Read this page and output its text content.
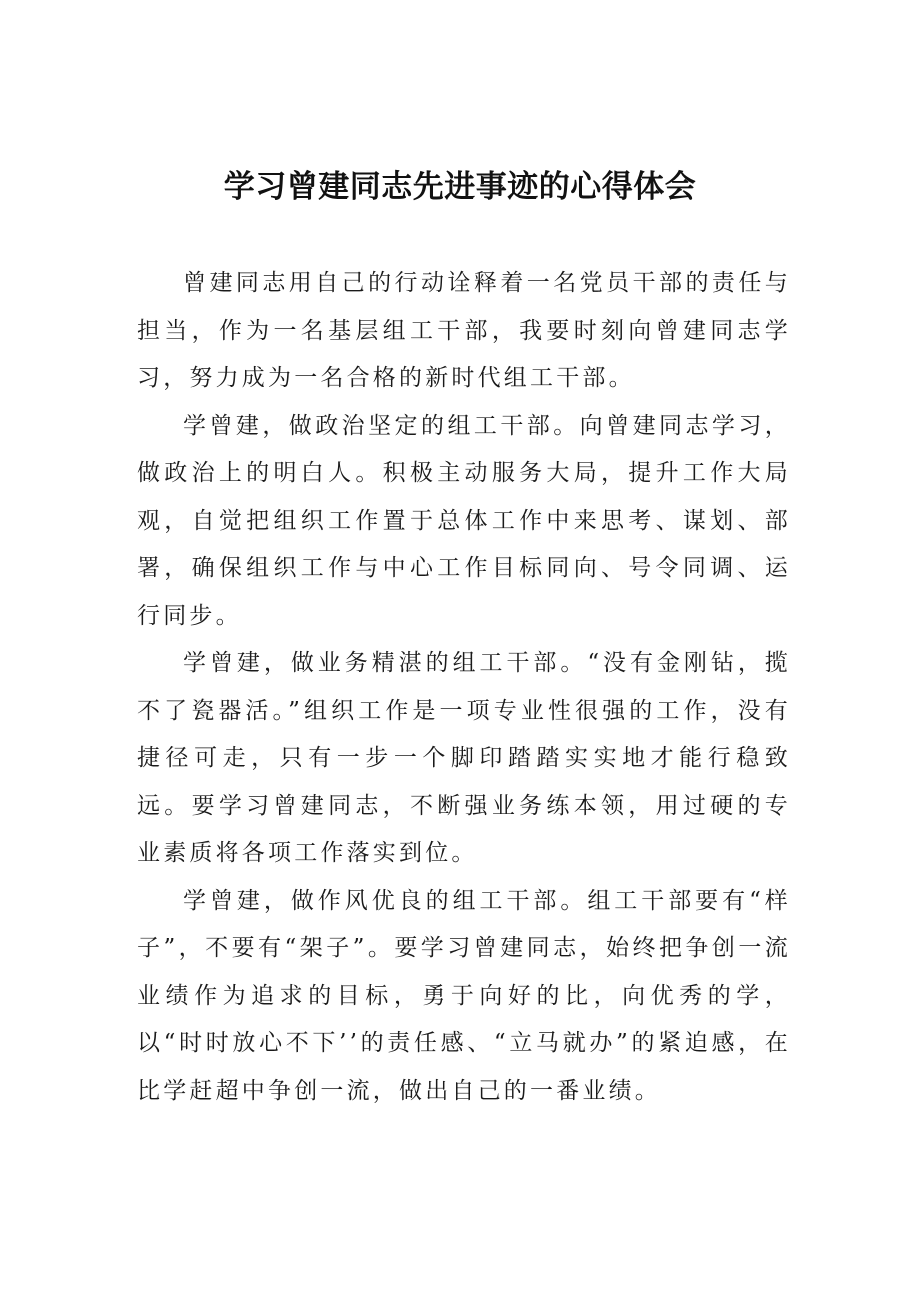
学习曾建同志先进事迹的心得体会

曾建同志用自己的行动诠释着一名党员干部的责任与担当，作为一名基层组工干部，我要时刻向曾建同志学习，努力成为一名合格的新时代组工干部。

学曾建，做政治坚定的组工干部。向曾建同志学习，做政治上的明白人。积极主动服务大局，提升工作大局观，自觉把组织工作置于总体工作中来思考、谋划、部署，确保组织工作与中心工作目标同向、号令同调、运行同步。

学曾建，做业务精湛的组工干部。“没有金刚钻，揽不了瓷器活。”组织工作是一项专业性很强的工作，没有捷径可走，只有一步一个脚印踏踏实实地才能行稳致远。要学习曾建同志，不断强业务练本领，用过硬的专业素质将各项工作落实到位。

学曾建，做作风优良的组工干部。组工干部要有“样子”，不要有“架子”。要学习曾建同志，始终把争创一流业绩作为追求的目标，勇于向好的比，向优秀的学，以“时时放心不下’’的责任感、“立马就办”的紧迫感，在比学赶超中争创一流，做出自己的一番业绩。
